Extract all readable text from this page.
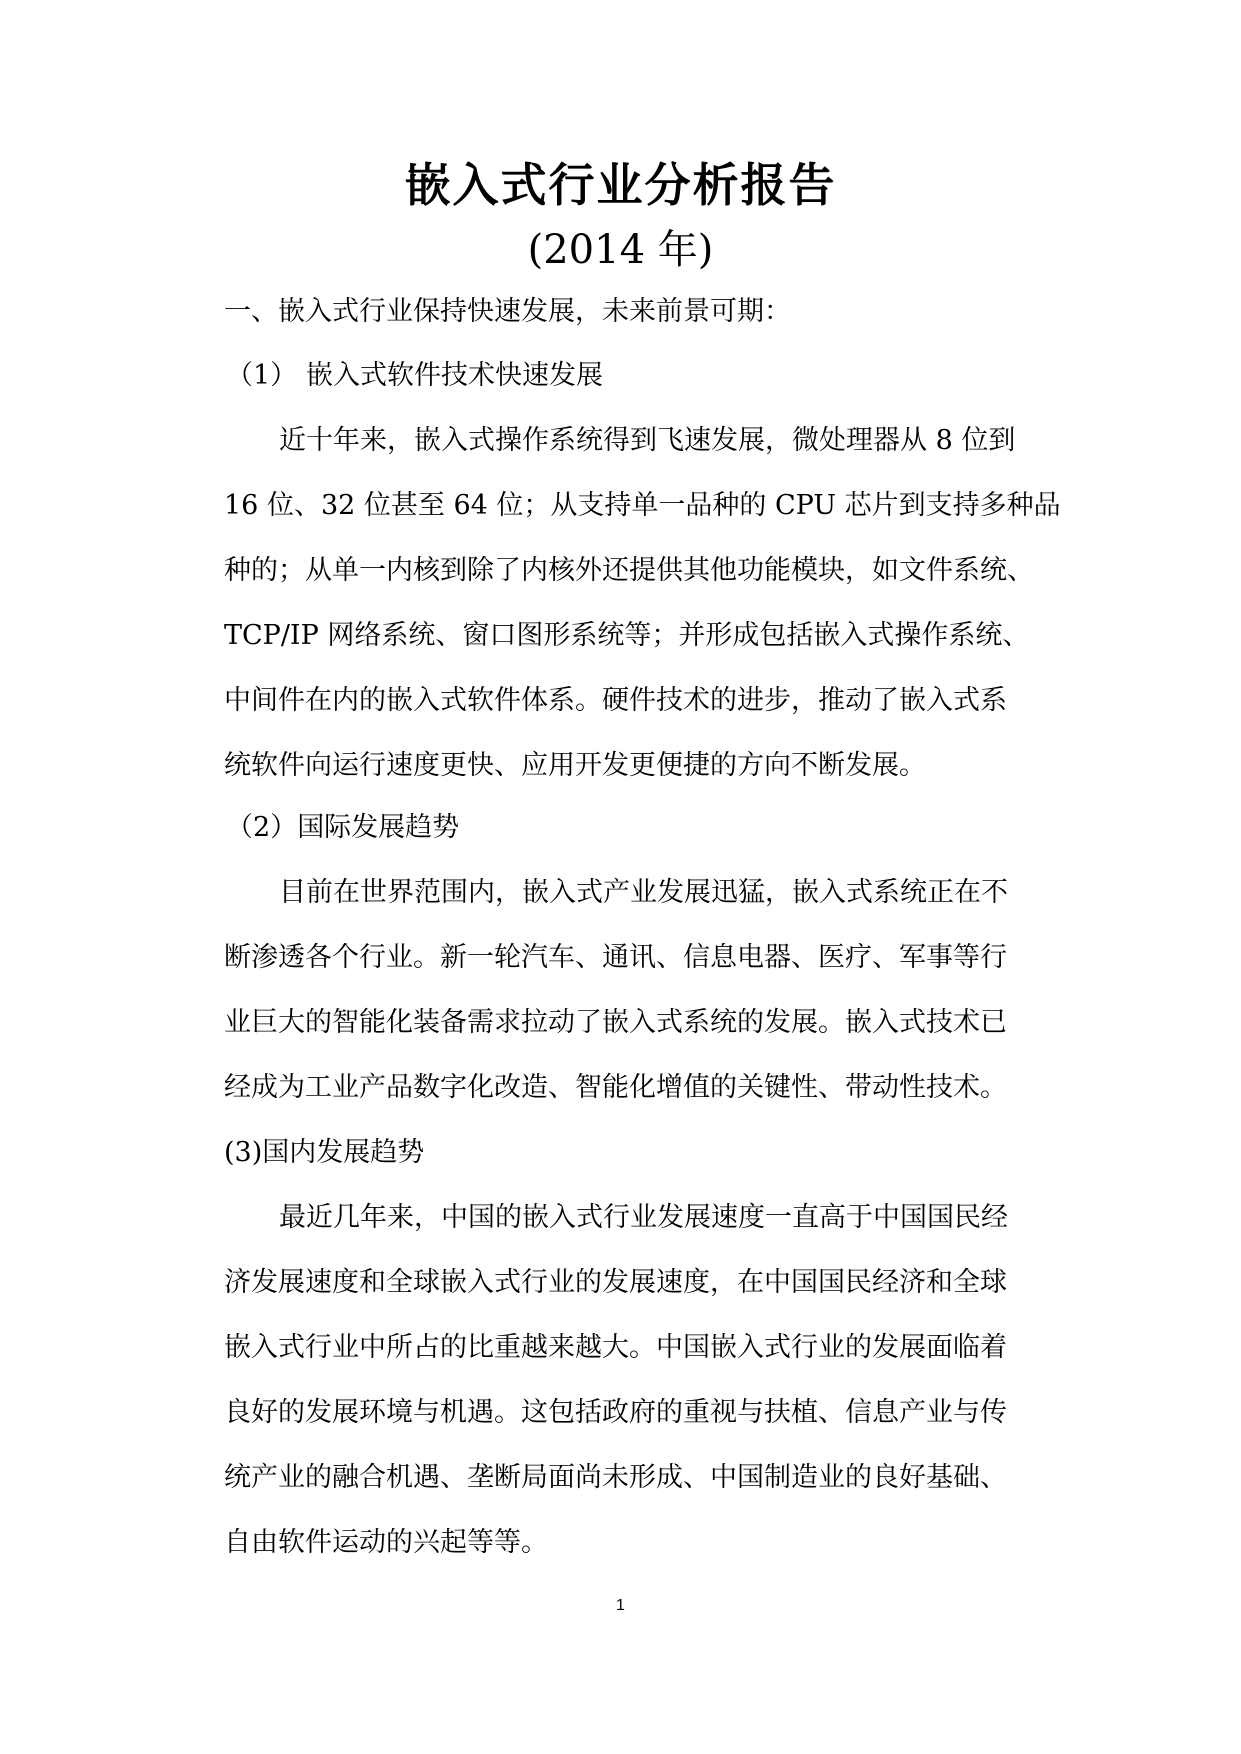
嵌入式行业分析报告
(2014 年)
一、嵌入式行业保持快速发展，未来前景可期：
（1） 嵌入式软件技术快速发展
近十年来，嵌入式操作系统得到飞速发展，微处理器从 8 位到
16 位、32 位甚至 64 位；从支持单一品种的 CPU 芯片到支持多种品
种的；从单一内核到除了内核外还提供其他功能模块，如文件系统、
TCP/IP 网络系统、窗口图形系统等；并形成包括嵌入式操作系统、
中间件在内的嵌入式软件体系。硬件技术的进步，推动了嵌入式系
统软件向运行速度更快、应用开发更便捷的方向不断发展。
（2）国际发展趋势
目前在世界范围内，嵌入式产业发展迅猛，嵌入式系统正在不
断渗透各个行业。新一轮汽车、通讯、信息电器、医疗、军事等行
业巨大的智能化装备需求拉动了嵌入式系统的发展。嵌入式技术已
经成为工业产品数字化改造、智能化增值的关键性、带动性技术。
(3)国内发展趋势
最近几年来，中国的嵌入式行业发展速度一直高于中国国民经
济发展速度和全球嵌入式行业的发展速度，在中国国民经济和全球
嵌入式行业中所占的比重越来越大。中国嵌入式行业的发展面临着
良好的发展环境与机遇。这包括政府的重视与扶植、信息产业与传
统产业的融合机遇、垄断局面尚未形成、中国制造业的良好基础、
自由软件运动的兴起等等。
1
